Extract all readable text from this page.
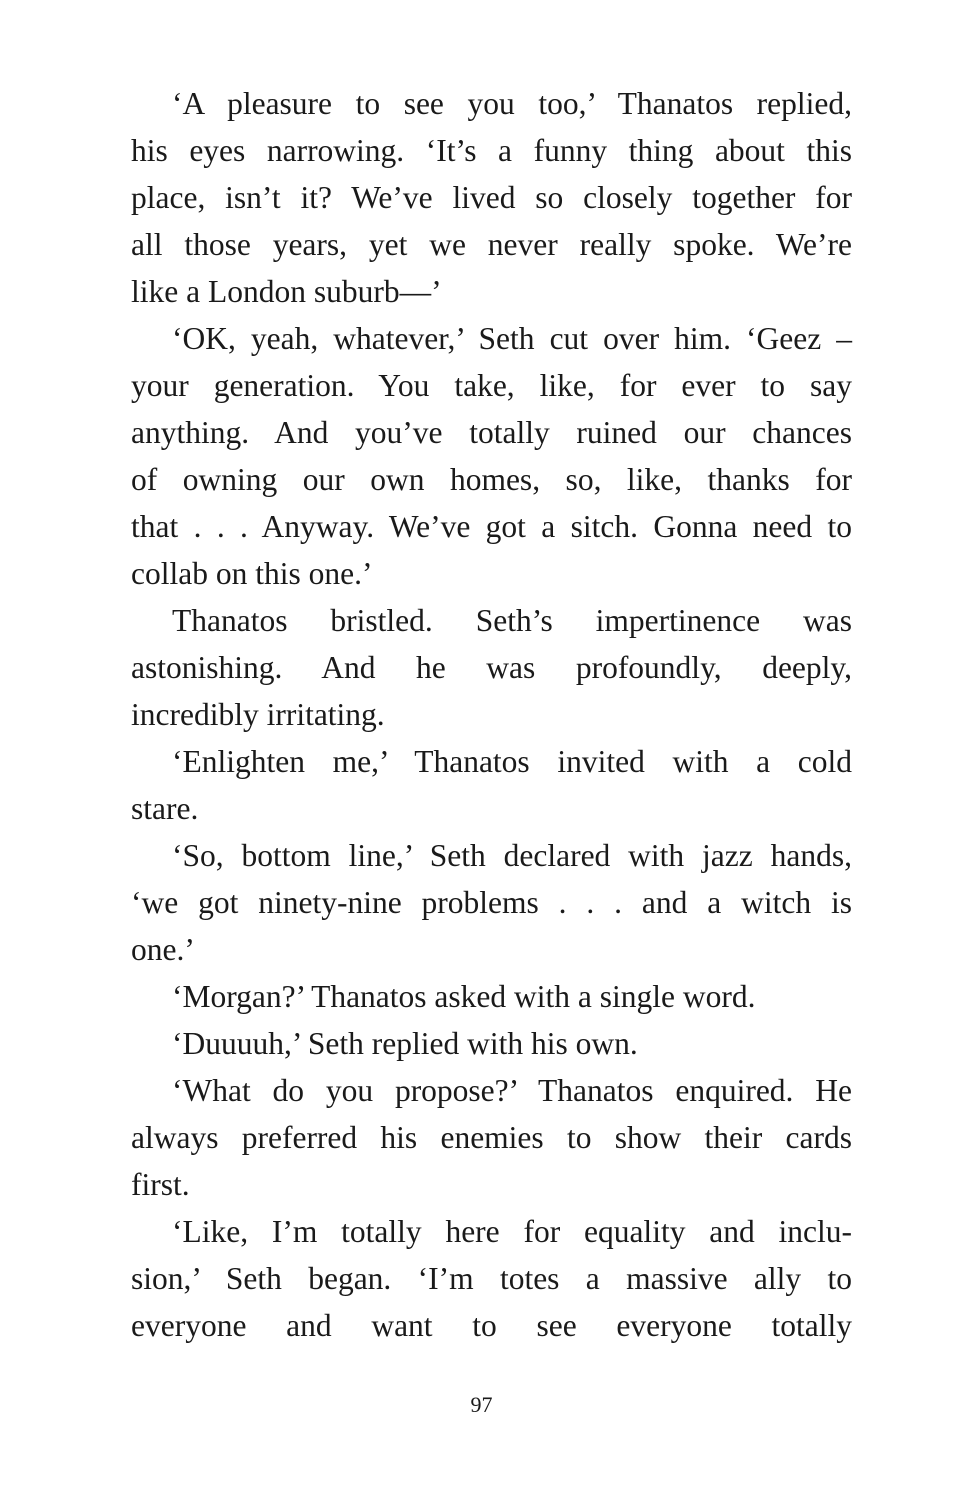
‘A pleasure to see you too,’ Thanatos replied,
his eyes narrowing. ‘It’s a funny thing about this
place, isn’t it? We’ve lived so closely together for
all those years, yet we never really spoke. We’re
like a London suburb—’
‘OK, yeah, whatever,’ Seth cut over him. ‘Geez –
your generation. You take, like, for ever to say
anything. And you’ve totally ruined our chances
of owning our own homes, so, like, thanks for
that . . . Anyway. We’ve got a sitch. Gonna need to
collab on this one.’
Thanatos bristled. Seth’s impertinence was
astonishing. And he was profoundly, deeply,
incredibly irritating.
‘Enlighten me,’ Thanatos invited with a cold
stare.
‘So, bottom line,’ Seth declared with jazz hands,
‘we got ninety-nine problems . . . and a witch is
one.’
‘Morgan?’ Thanatos asked with a single word.
‘Duuuuh,’ Seth replied with his own.
‘What do you propose?’ Thanatos enquired. He
always preferred his enemies to show their cards
first.
‘Like, I’m totally here for equality and inclu-
sion,’ Seth began. ‘I’m totes a massive ally to
everyone and want to see everyone totally
97
